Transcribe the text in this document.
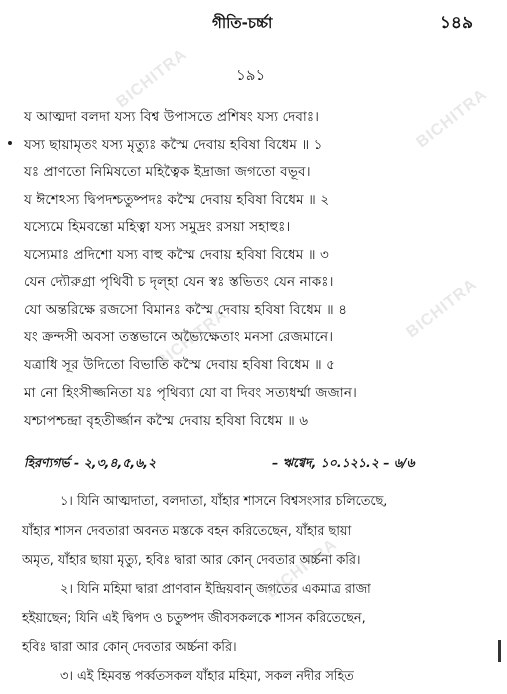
BICHITRA
BICHITRA
BICHITRA	BICHITRA
BICHITRA
গীতি-চর্চ্চা	১৪৯
১৯১
য আত্মদা বলদা যস্য বিশ্ব উপাসতে প্রশিষং যস্য দেবাঃ।
যস্য ছায়ামৃতং যস্য মৃত্যুঃ কস্মৈ দেবায় হবিষা বিধেম ॥ ১
যঃ প্রাণতো নিমিষতো মহিত্বৈক ইদ্রাজা জগতো বভূব।
য ঈশেঽস্য দ্বিপদশ্চতুষ্পদঃ কস্মৈ দেবায় হবিষা বিধেম ॥ ২
যস্যেমে হিমবন্তো মহিত্বা যস্য সমুদ্রং রসয়া সহাহুঃ।
যস্যেমাঃ প্রদিশো যস্য বাহু কস্মৈ দেবায় হবিষা বিধেম ॥ ৩
যেন দ্যৌরুগ্রা পৃথিবী চ দৃল্হা যেন স্বঃ স্তভিতং যেন নাকঃ।
যো অন্তরিক্ষে রজসো বিমানঃ কস্মৈ দেবায় হবিষা বিধেম ॥ ৪
যং ক্রন্দসী অবসা তস্তভানে অভ্যৈক্ষেতাং মনসা রেজমানে।
যত্রাধি সূর উদিতো বিভাতি কস্মৈ দেবায় হবিষা বিধেম ॥ ৫
মা নো হিংসীজ্জনিতা যঃ পৃথিব্যা যো বা দিবং সত্যধর্ম্মা জজান।
যশ্চাপশ্চন্দ্রা বৃহতীর্জ্জান কস্মৈ দেবায় হবিষা বিধেম ॥ ৬
হিরণ্যগর্ভ - ২,৩,৪,৫,৬,২	– ঋগ্বেদ, ১০.১২১.২ – ৬/৬
১। যিনি আত্মদাতা, বলদাতা, যাঁহার শাসনে বিশ্বসংসার চলিতেছে,
যাঁহার শাসন দেবতারা অবনত মস্তকে বহন করিতেছেন, যাঁহার ছায়া
অমৃত, যাঁহার ছায়া মৃত্যু, হবিঃ দ্বারা আর কোন্ দেবতার অর্চ্চনা করি।
২। যিনি মহিমা দ্বারা প্রাণবান ইন্দ্রিয়বান্ জগতের একমাত্র রাজা
হইয়াছেন; যিনি এই দ্বিপদ ও চতুষ্পদ জীবসকলকে শাসন করিতেছেন,
হবিঃ দ্বারা আর কোন্ দেবতার অর্চ্চনা করি।
৩। এই হিমবন্ত পর্ব্বতসকল যাঁহার মহিমা, সকল নদীর সহিত
